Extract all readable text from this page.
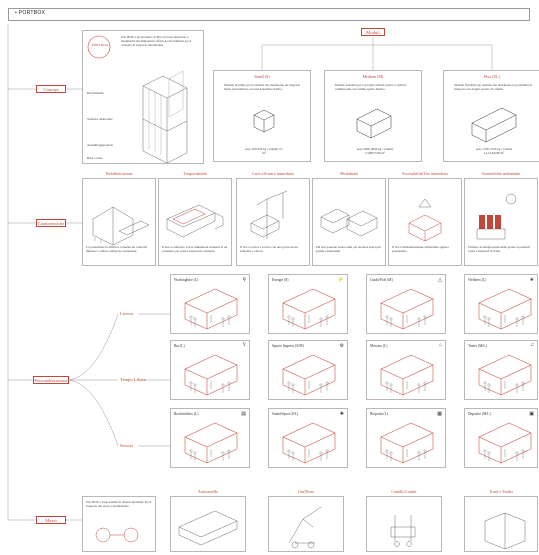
• PORTBOX
Concept
Caratteristiche
Personalizzazione
Mezzi
PORT BOX
Port BOX è un prototipo di Box su ruota impostato a modularità più dimensioni offerta da rifornimenti per il concetto di trasporto intermodale.
Rivestimento
Struttura telaio/base
Assemblaggio/telaio
Base a ruote
Moduli
Small (S)
Modulo di primo per le aziende che desiderano un trasporto meno specializzato con una superficie ridotta.
peso 200/350 kg | volume 3.5 m³
Medium (M)
Modulo standard per la propria attività pratica o testbed commerciale con ottimo spazio interno.
peso 2000-4000 kg | volume 7,5000/7500 m³
Plus (XL)
Modulo flessibile per aziende che desiderano la possibilità di trasporto con doppio spazio di volume.
peso 1500-7250 kg | volume 14,12/18200 m³
Prefabbricazione
La produzione in fabbrica consente un controllo migliore e riduce i tempi di costruzione.
Trasportabilità
Il box è realizzato con le dimensioni standard di un container, per essere trasportato ovunque.
Carico/Scarico immediato
Il box si carica e scarica con una gru in modo semplice e veloce.
Modularità
Più box possono essere uniti per ottenere spazi più grandi e funzionali.
Accessibilità/Uso immediato
Il box è immediatamente utilizzabile appena posizionato.
Sostenibilità ambientale
Utilizzo di energia rinnovabile grazie ai pannelli solari e materiali riciclati.
Lavoro
Tempo Libero
Servizi
Workingbike (L)	⚲	Energie (S)	⚡	Guide/Pole (M)	△	Wellness (L)	❦
Bar (L)	Y	Spazio Imprese (S/M)	⚙	Mercato (L)	⌂	Teatro (M/L)	♫
Bookinfobox (L)	▤	Sanità/Sport (S/L)	✚	Biopoint (L)	▦	Deposito (M/L)	▣
Port BOX è trasportabile in diverse modalità. Per il trasporto dal porto a destinazione.
Autocarrello	Gru/Porto	Camillo/Loader	Truck e Trailer
